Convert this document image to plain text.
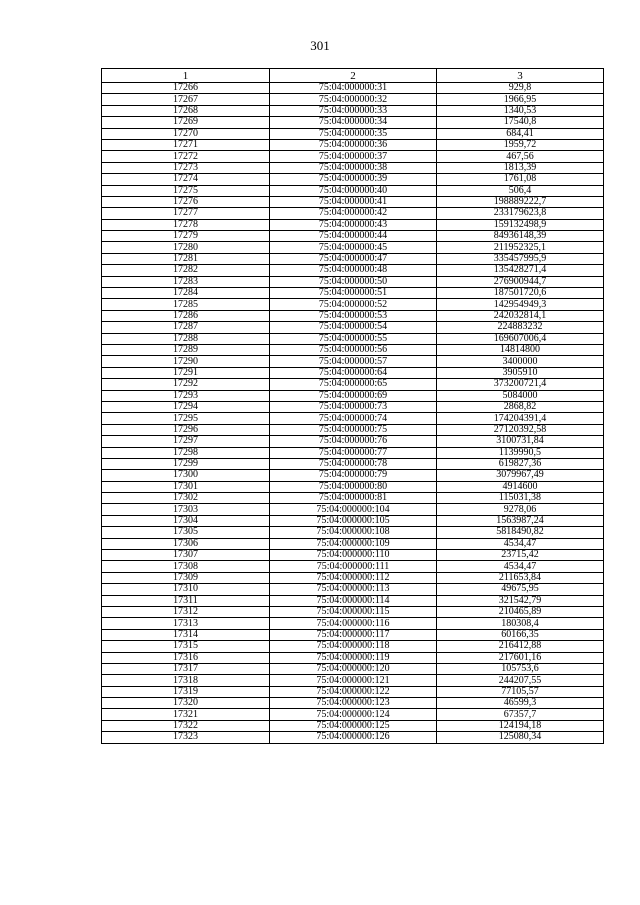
301
1	2	3
17266	75:04:000000:31	929,8
17267	75:04:000000:32	1966,95
17268	75:04:000000:33	1340,53
17269	75:04:000000:34	17540,8
17270	75:04:000000:35	684,41
17271	75:04:000000:36	1959,72
17272	75:04:000000:37	467,56
17273	75:04:000000:38	1813,39
17274	75:04:000000:39	1761,08
17275	75:04:000000:40	506,4
17276	75:04:000000:41	198889222,7
17277	75:04:000000:42	233179623,8
17278	75:04:000000:43	159132498,9
17279	75:04:000000:44	84936148,39
17280	75:04:000000:45	211952325,1
17281	75:04:000000:47	335457995,9
17282	75:04:000000:48	135428271,4
17283	75:04:000000:50	276900944,7
17284	75:04:000000:51	187501720,6
17285	75:04:000000:52	142954949,3
17286	75:04:000000:53	242032814,1
17287	75:04:000000:54	224883232
17288	75:04:000000:55	169607006,4
17289	75:04:000000:56	14814800
17290	75:04:000000:57	3400000
17291	75:04:000000:64	3905910
17292	75:04:000000:65	373200721,4
17293	75:04:000000:69	5084000
17294	75:04:000000:73	2868,82
17295	75:04:000000:74	174204391,4
17296	75:04:000000:75	27120392,58
17297	75:04:000000:76	3100731,84
17298	75:04:000000:77	1139990,5
17299	75:04:000000:78	619827,36
17300	75:04:000000:79	3079967,49
17301	75:04:000000:80	4914600
17302	75:04:000000:81	115031,38
17303	75:04:000000:104	9278,06
17304	75:04:000000:105	1563987,24
17305	75:04:000000:108	5818490,82
17306	75:04:000000:109	4534,47
17307	75:04:000000:110	23715,42
17308	75:04:000000:111	4534,47
17309	75:04:000000:112	211653,84
17310	75:04:000000:113	49675,95
17311	75:04:000000:114	321542,79
17312	75:04:000000:115	210465,89
17313	75:04:000000:116	180308,4
17314	75:04:000000:117	60166,35
17315	75:04:000000:118	216412,88
17316	75:04:000000:119	217601,16
17317	75:04:000000:120	105753,6
17318	75:04:000000:121	244207,55
17319	75:04:000000:122	77105,57
17320	75:04:000000:123	46599,3
17321	75:04:000000:124	67357,7
17322	75:04:000000:125	124194,18
17323	75:04:000000:126	125080,34
